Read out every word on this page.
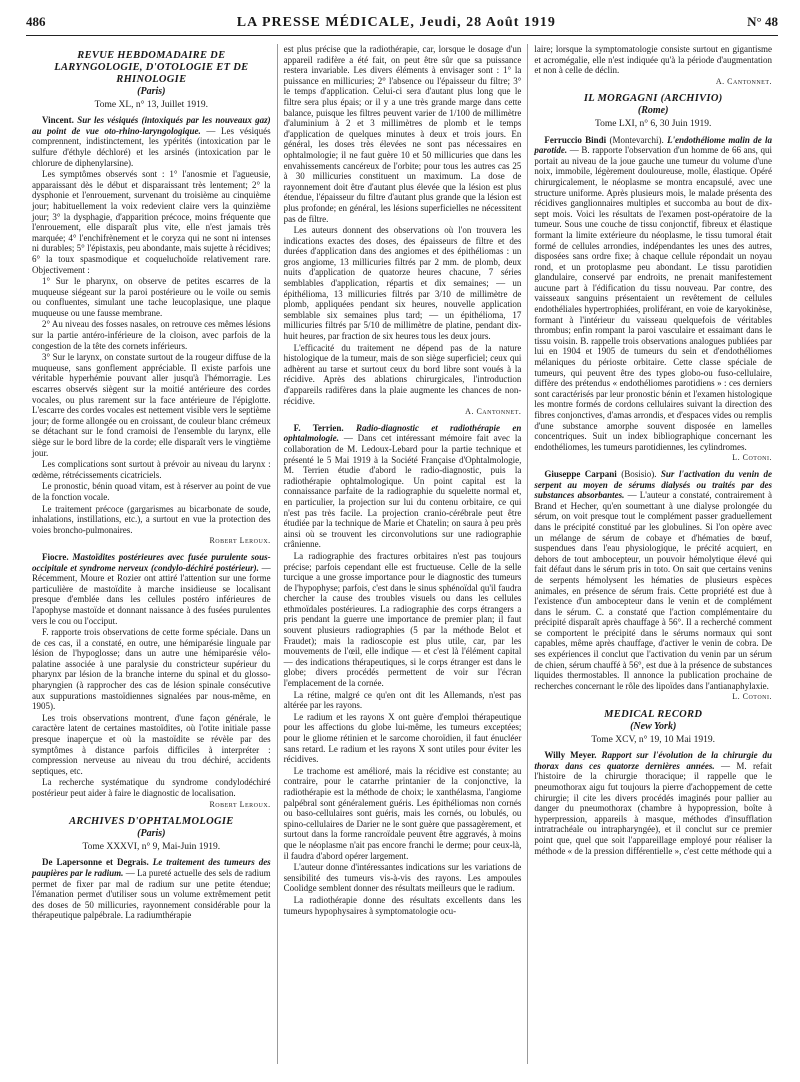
486	LA PRESSE MÉDICALE, Jeudi, 28 Août 1919	N° 48
REVUE HEBDOMADAIRE DE LARYNGOLOGIE, D'OTOLOGIE ET DE RHINOLOGIE
(Paris)
Tome XL, n° 13, Juillet 1919.

Vincent. Sur les vésiqués (intoxiqués par les nouveaux gaz) au point de vue oto-rhino-laryngologique. — Les vésiqués comprennent, indistinctement, les ypérités (intoxication par le sulfure d'éthyle déchloré) et les arsinés (intoxication par le chlorure de diphenylarsine).

Les symptômes observés sont : 1° l'anosmie et l'agueusie, apparaissant dès le début et disparaissant très lentement; 2° la dysphonie et l'enrouement, survenant du troisième au cinquième jour; habituellement la voix redevient claire vers la quinzième jour; 3° la dysphagie, d'apparition précoce, moins fréquente que l'enrouement, elle disparaît plus vite, elle n'est jamais très marquée; 4° l'enchifrènement et le coryza qui ne sont ni intenses ni durables; 5° l'épistaxis, peu abondante, mais sujette à récidives; 6° la toux spasmodique et coqueluchoïde relativement rare. Objectivement :

1° Sur le pharynx, on observe de petites escarres de la muqueuse siégeant sur la paroi postérieure ou le voile ou semis ou confluentes, simulant une tache leucoplasique, une plaque muqueuse ou une fausse membrane.

2° Au niveau des fosses nasales, on retrouve ces mêmes lésions sur la partie antéro-inférieure de la cloison, avec parfois de la congestion de la tête des cornets inférieurs.

3° Sur le larynx, on constate surtout de la rougeur diffuse de la muqueuse, sans gonflement appréciable. Il existe parfois une véritable hyperhémie pouvant aller jusqu'à l'hémorragie. Les escarres observés siègent sur la moitié antérieure des cordes vocales, ou plus rarement sur la face antérieure de l'épiglotte. L'escarre des cordes vocales est nettement visible vers le septième jour; de forme allongée ou en croissant, de couleur blanc crémeux se détachant sur le fond cramoisi de l'ensemble du larynx, elle siège sur le bord libre de la corde; elle disparaît vers le vingtième jour.

Les complications sont surtout à prévoir au niveau du larynx : œdème, rétrécissements cicatriciels.

Le pronostic, bénin quoad vitam, est à réserver au point de vue de la fonction vocale.

Le traitement précoce (gargarismes au bicarbonate de soude, inhalations, instillations, etc.), a surtout en vue la protection des voies broncho-pulmonaires.

Robert Leroux.

Fiocre. Mastoïdites postérieures avec fusée purulente sous-occipitale et syndrome nerveux (condylo-déchiré postérieur). — Récemment, Moure et Rozier ont attiré l'attention sur une forme particulière de mastoïdite à marche insidieuse se localisant presque d'emblée dans les cellules postéro inférieures de l'apophyse mastoïde et donnant naissance à des fusées purulentes vers le cou ou l'occiput.

F. rapporte trois observations de cette forme spéciale. Dans un de ces cas, il a constaté, en outre, une hémiparésie linguale par lésion de l'hypoglosse; dans un autre une hémiparésie vélo-palatine associée à une paralysie du constricteur supérieur du pharynx par lésion de la branche interne du spinal et du glosso-pharyngien (à rapprocher des cas de lésion spinale consécutive aux suppurations mastoïdiennes signalées par nous-même, en 1905).

Les trois observations montrent, d'une façon générale, le caractère latent de certaines mastoïdites, où l'otite initiale passe presque inaperçue et où la mastoïdite se révèle par des symptômes à distance parfois difficiles à interpréter : compression nerveuse au niveau du trou déchiré, accidents septiques, etc.

La recherche systématique du syndrome condylodéchiré postérieur peut aider à faire le diagnostic de localisation.

Robert Leroux.
ARCHIVES D'OPHTALMOLOGIE
(Paris)
Tome XXXVI, n° 9, Mai-Juin 1919.

De Lapersonne et Degrais. Le traitement des tumeurs des paupières par le radium. — La pureté actuelle des sels de radium permet de fixer par mal de radium sur une petite étendue; l'émanation permet d'utiliser sous un volume extrêmement petit des doses de 50 millicuries, rayonnement considérable pour la thérapeutique palpébrale. La radiumthérapie

est plus précise que la radiothérapie, car, lorsque le dosage d'un appareil radifère a été fait, on peut être sûr que sa puissance restera invariable. Les divers éléments à envisager sont : 1° la puissance en millicuries; 2° l'absence ou l'épaisseur du filtre; 3° le temps d'application. Celui-ci sera d'autant plus long que le filtre sera plus épais; or il y a une très grande marge dans cette balance, puisque les filtres peuvent varier de 1/100 de millimètre d'aluminium à 2 et 3 millimètres de plomb et le temps d'application de quelques minutes à deux et trois jours. En général, les doses très élevées ne sont pas nécessaires en ophtalmologie; il ne faut guère 10 et 50 millicuries que dans les envahissements cancéreux de l'orbite; pour tous les autres cas 25 à 30 millicuries constituent un maximum. La dose de rayonnement doit être d'autant plus élevée que la lésion est plus étendue, l'épaisseur du filtre d'autant plus grande que la lésion est plus profonde; en général, les lésions superficielles ne nécessitent pas de filtre.

Les auteurs donnent des observations où l'on trouvera les indications exactes des doses, des épaisseurs de filtre et des durées d'application dans des angiomes et des épithéliomas : un gros angiome, 13 millicuries filtrés par 2 mm. de plomb, deux nuits d'application de quatorze heures chacune, 7 séries semblables d'application, répartis et dix semaines; — un épithélioma, 13 millicuries filtrés par 3/10 de millimètre de plomb, appliquées pendant six heures, nouvelle application semblable six semaines plus tard; — un épithélioma, 17 millicuries filtrés par 5/10 de millimètre de platine, pendant dix-huit heures, par fraction de six heures tous les deux jours.

L'efficacité du traitement ne dépend pas de la nature histologique de la tumeur, mais de son siège superficiel; ceux qui adhèrent au tarse et surtout ceux du bord libre sont voués à la récidive. Après des ablations chirurgicales, l'introduction d'appareils radifères dans la plaie augmente les chances de non-récidive.

A. Cantonnet.

F. Terrien. Radio-diagnostic et radiothérapie en ophtalmologie. — Dans cet intéressant mémoire fait avec la collaboration de M. Ledoux-Lebard pour la partie technique et présenté le 5 Mai 1919 à la Société Française d'Ophtalmologie, M. Terrien étudie d'abord le radio-diagnostic, puis la radiothérapie ophtalmologique. Un point capital est la connaissance parfaite de la radiographie du squelette normal et, en particulier, la projection sur lui du contenu orbitaire, ce qui n'est pas très facile. La projection cranio-cérébrale peut être étudiée par la technique de Marie et Chatelin; on saura à peu près ainsi où se trouvent les circonvolutions sur une radiographie crânienne.

La radiographie des fractures orbitaires n'est pas toujours précise; parfois cependant elle est fructueuse. Celle de la selle turcique a une grosse importance pour le diagnostic des tumeurs de l'hypophyse; parfois, c'est dans le sinus sphénoïdal qu'il faudra chercher la cause des troubles visuels ou dans les cellules ethmoïdales postérieures. La radiographie des corps étrangers a pris pendant la guerre une importance de premier plan; il faut souvent plusieurs radiographies (5 par la méthode Belot et Fraudet); mais la radioscopie est plus utile, car, par les mouvements de l'œil, elle indique — et c'est là l'élément capital — des indications thérapeutiques, si le corps étranger est dans le globe; divers procédés permettent de voir sur l'écran l'emplacement de la cornée.

La rétine, malgré ce qu'en ont dit les Allemands, n'est pas altérée par les rayons.

Le radium et les rayons X ont guère d'emploi thérapeutique pour les affections du globe lui-même, les tumeurs exceptées; pour le gliome rétinien et le sarcome choroïdien, il faut énucléer sans retard. Le radium et les rayons X sont utiles pour éviter les récidives.

Le trachome est amélioré, mais la récidive est constante; au contraire, pour le catarrhe printanier de la conjonctive, la radiothérapie est la méthode de choix; le xanthélasma, l'angiome palpébral sont généralement guéris. Les épithéliomas non cornés ou baso-cellulaires sont guéris, mais les cornés, ou lobulés, ou spino-cellulaires de Darier ne le sont guère que passagèrement, et surtout dans la forme rancroïdale peuvent être aggravés, à moins que le néoplasme n'ait pas encore franchi le derme; pour ceux-là, il faudra d'abord opérer largement.

L'auteur donne d'intéressantes indications sur les variations de sensibilité des tumeurs vis-à-vis des rayons. Les ampoules Coolidge semblent donner des résultats meilleurs que le radium.

La radiothérapie donne des résultats excellents dans les tumeurs hypophysaires à symptomatologie ocu-

laire; lorsque la symptomatologie consiste surtout en gigantisme et acromégalie, elle n'est indiquée qu'à la période d'augmentation et non à celle de déclin.

A. Cantonnet.
IL MORGAGNI (ARCHIVIO)
(Rome)
Tome LXI, n° 6, 30 Juin 1919.

Ferruccio Bindi (Montevarchi). L'endothéliome malin de la parotide. — B. rapporte l'observation d'un homme de 66 ans, qui portait au niveau de la joue gauche une tumeur du volume d'une noix, immobile, légèrement douloureuse, molle, élastique. Opéré chirurgicalement, le néoplasme se montra encapsulé, avec une structure uniforme. Après plusieurs mois, le malade présenta des récidives ganglionnaires multiples et succomba au bout de dix-sept mois. Voici les résultats de l'examen post-opératoire de la tumeur. Sous une couche de tissu conjonctif, fibreux et élastique formant la limite extérieure du néoplasme, le tissu tumoral était formé de cellules arrondies, indépendantes les unes des autres, disposées sans ordre fixe; à chaque cellule répondait un noyau rond, et un protoplasme peu abondant. Le tissu parotidien glandulaire, conservé par endroits, ne prenait manifestement aucune part à l'édification du tissu nouveau. Par contre, des vaisseaux sanguins présentaient un revêtement de cellules endothéliales hypertrophiées, proliférant, en voie de karyokinèse, formant à l'intérieur du vaisseau quelquefois de véritables thrombus; enfin rompant la paroi vasculaire et essaimant dans le tissu voisin. B. rappelle trois observations analogues publiées par lui en 1904 et 1905 de tumeurs du sein et d'endothéliomes mélaniques du périoste orbitaire. Cette classe spéciale de tumeurs, qui peuvent être des types globo-ou fuso-cellulaire, diffère des prétendus « endothéliomes parotidiens » : ces derniers sont caractérisés par leur pronostic bénin et l'examen histologique les montre formés de cordons cellulaires suivant la direction des fibres conjonctives, d'amas arrondis, et d'espaces vides ou remplis d'une substance amorphe souvent disposée en lamelles concentriques. Suit un index bibliographique concernant les endothéliomes, les tumeurs parotidiennes, les cylindromes.

L. Cotoni.

Giuseppe Carpani (Bosisio). Sur l'activation du venin de serpent au moyen de sérums dialysés ou traités par des substances absorbantes. — L'auteur a constaté, contrairement à Brand et Hecher, qu'en soumettant à une dialyse prolongée du sérum, on voit presque tout le complément passer graduellement dans le précipité constitué par les globulines. Si l'on opère avec un mélange de sérum de cobaye et d'hématies de bœuf, suspendues dans l'eau physiologique, le précité acquiert, en dehors de tout ambocepteur, un pouvoir hémolytique élevé qui fait défaut dans le sérum pris in toto. On sait que certains venins de serpents hémolysent les hématies de plusieurs espèces animales, en présence de sérum frais. Cette propriété est due à l'existence d'un ambocepteur dans le venin et de complément dans le sérum. C. a constaté que l'action complémentaire du précipité disparaît après chauffage à 56°. Il a recherché comment se comportent le précipité dans le sérums normaux qui sont capables, même après chauffage, d'activer le venin de cobra. De ses expériences il conclut que l'activation du venin par un sérum de chien, sérum chauffé à 56°, est due à la présence de substances liquides thermostables. Il annonce la publication prochaine de recherches concernant le rôle des lipoïdes dans l'antianaphylaxie.

L. Cotoni.
MEDICAL RECORD
(New York)
Tome XCV, n° 19, 10 Mai 1919.

Willy Meyer. Rapport sur l'évolution de la chirurgie du thorax dans ces quatorze dernières années. — M. refait l'histoire de la chirurgie thoracique; il rappelle que le pneumothorax aigu fut toujours la pierre d'achoppement de cette chirurgie; il cite les divers procédés imaginés pour pallier au danger du pneumothorax (chambre à hypopression, boîte à hyperpression, appareils à masque, méthodes d'insufflation intratrachéale ou intrapharyngée), et il conclut sur ce premier point que, quel que soit l'appareillage employé pour réaliser la méthode « de la pression différentielle », c'est cette méthode qui a
